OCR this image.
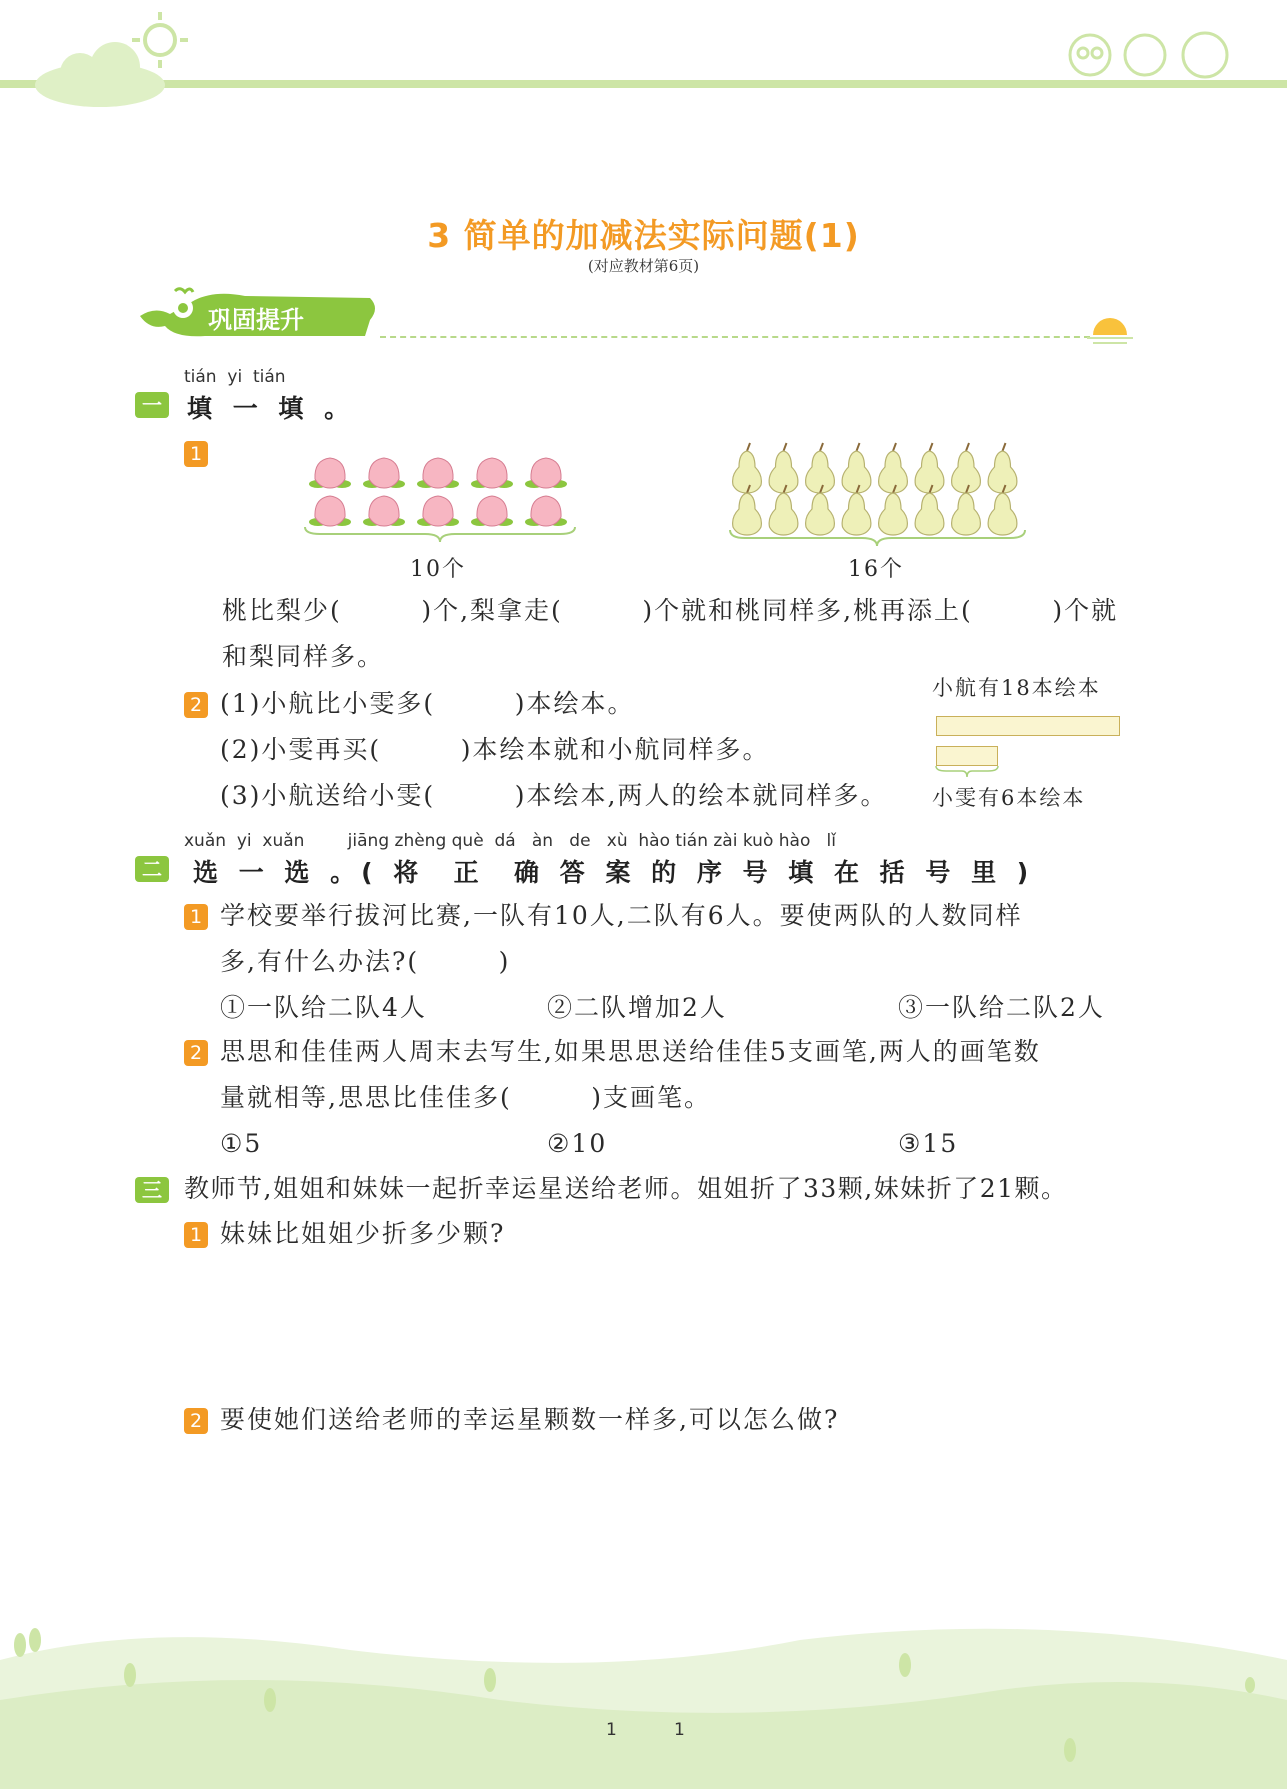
3 简单的加减法实际问题(1)
(对应教材第6页)
巩固提升
tián  yi  tián
一 填 一 填 。
1
10个	16个
桃比梨少(        )个,梨拿走(        )个就和桃同样多,桃再添上(        )个就
和梨同样多。
2 (1)小航比小雯多(        )本绘本。
(2)小雯再买(        )本绘本就和小航同样多。
(3)小航送给小雯(        )本绘本,两人的绘本就同样多。
小航有18本绘本
小雯有6本绘本
xuǎn  yi  xuǎn        jiāng zhèng què  dá   àn   de   xù  hào tián zài kuò hào   lǐ
二 选 一 选 。( 将  正  确 答 案 的 序 号 填 在 括 号 里 )
1 学校要举行拔河比赛,一队有10人,二队有6人。要使两队的人数同样
多,有什么办法?(        )
①一队给二队4人	②二队增加2人	③一队给二队2人
2 思思和佳佳两人周末去写生,如果思思送给佳佳5支画笔,两人的画笔数
量就相等,思思比佳佳多(        )支画笔。
①5	②10	③15
三 教师节,姐姐和妹妹一起折幸运星送给老师。姐姐折了33颗,妹妹折了21颗。
1 妹妹比姐姐少折多少颗?
2 要使她们送给老师的幸运星颗数一样多,可以怎么做?
1	1
